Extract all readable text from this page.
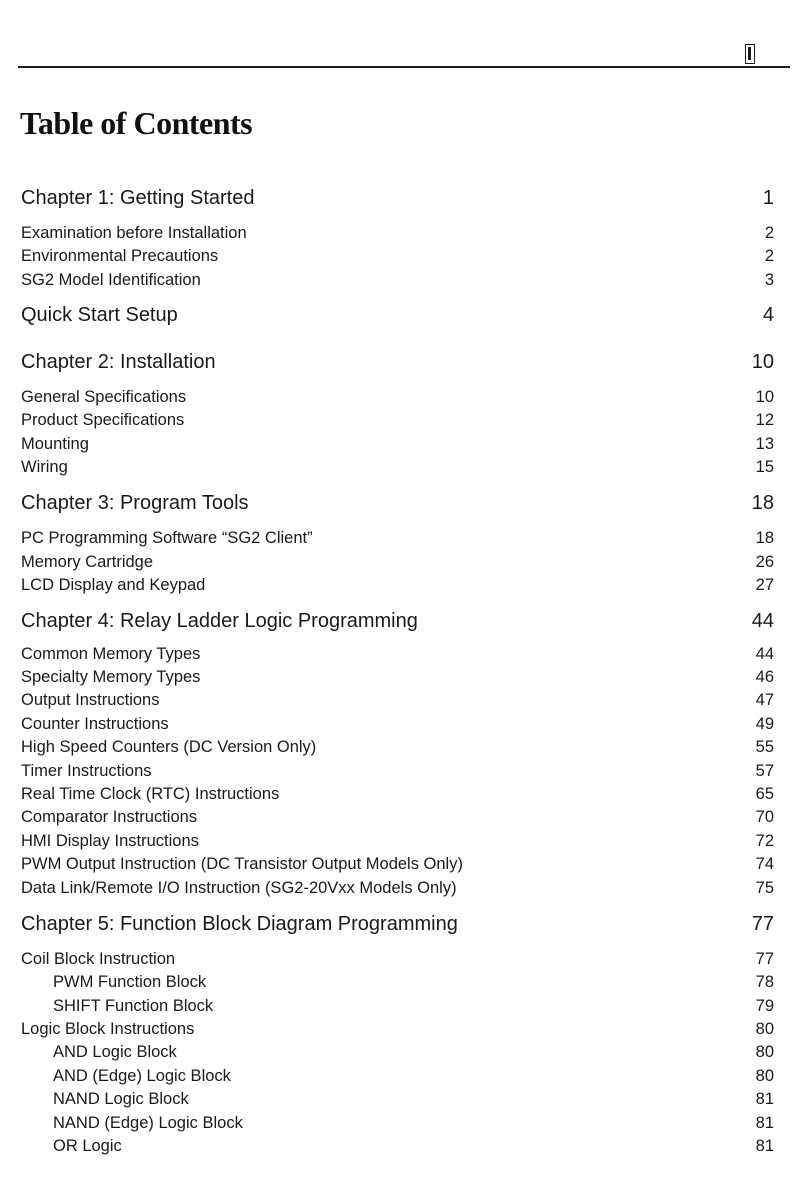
Table of Contents
Chapter 1: Getting Started	1
Examination before Installation	2
Environmental Precautions	2
SG2 Model Identification	3
Quick Start Setup	4
Chapter 2: Installation	10
General Specifications	10
Product Specifications	12
Mounting	13
Wiring	15
Chapter 3: Program Tools	18
PC Programming Software “SG2 Client”	18
Memory Cartridge	26
LCD Display and Keypad	27
Chapter 4: Relay Ladder Logic Programming	44
Common Memory Types	44
Specialty Memory Types	46
Output Instructions	47
Counter Instructions	49
High Speed Counters (DC Version Only)	55
Timer Instructions	57
Real Time Clock (RTC) Instructions	65
Comparator Instructions	70
HMI Display Instructions	72
PWM Output Instruction (DC Transistor Output Models Only)	74
Data Link/Remote I/O Instruction (SG2-20Vxx Models Only)	75
Chapter 5: Function Block Diagram Programming	77
Coil Block Instruction	77
PWM Function Block	78
SHIFT Function Block	79
Logic Block Instructions	80
AND Logic Block	80
AND (Edge) Logic Block	80
NAND Logic Block	81
NAND (Edge) Logic Block	81
OR Logic	81
